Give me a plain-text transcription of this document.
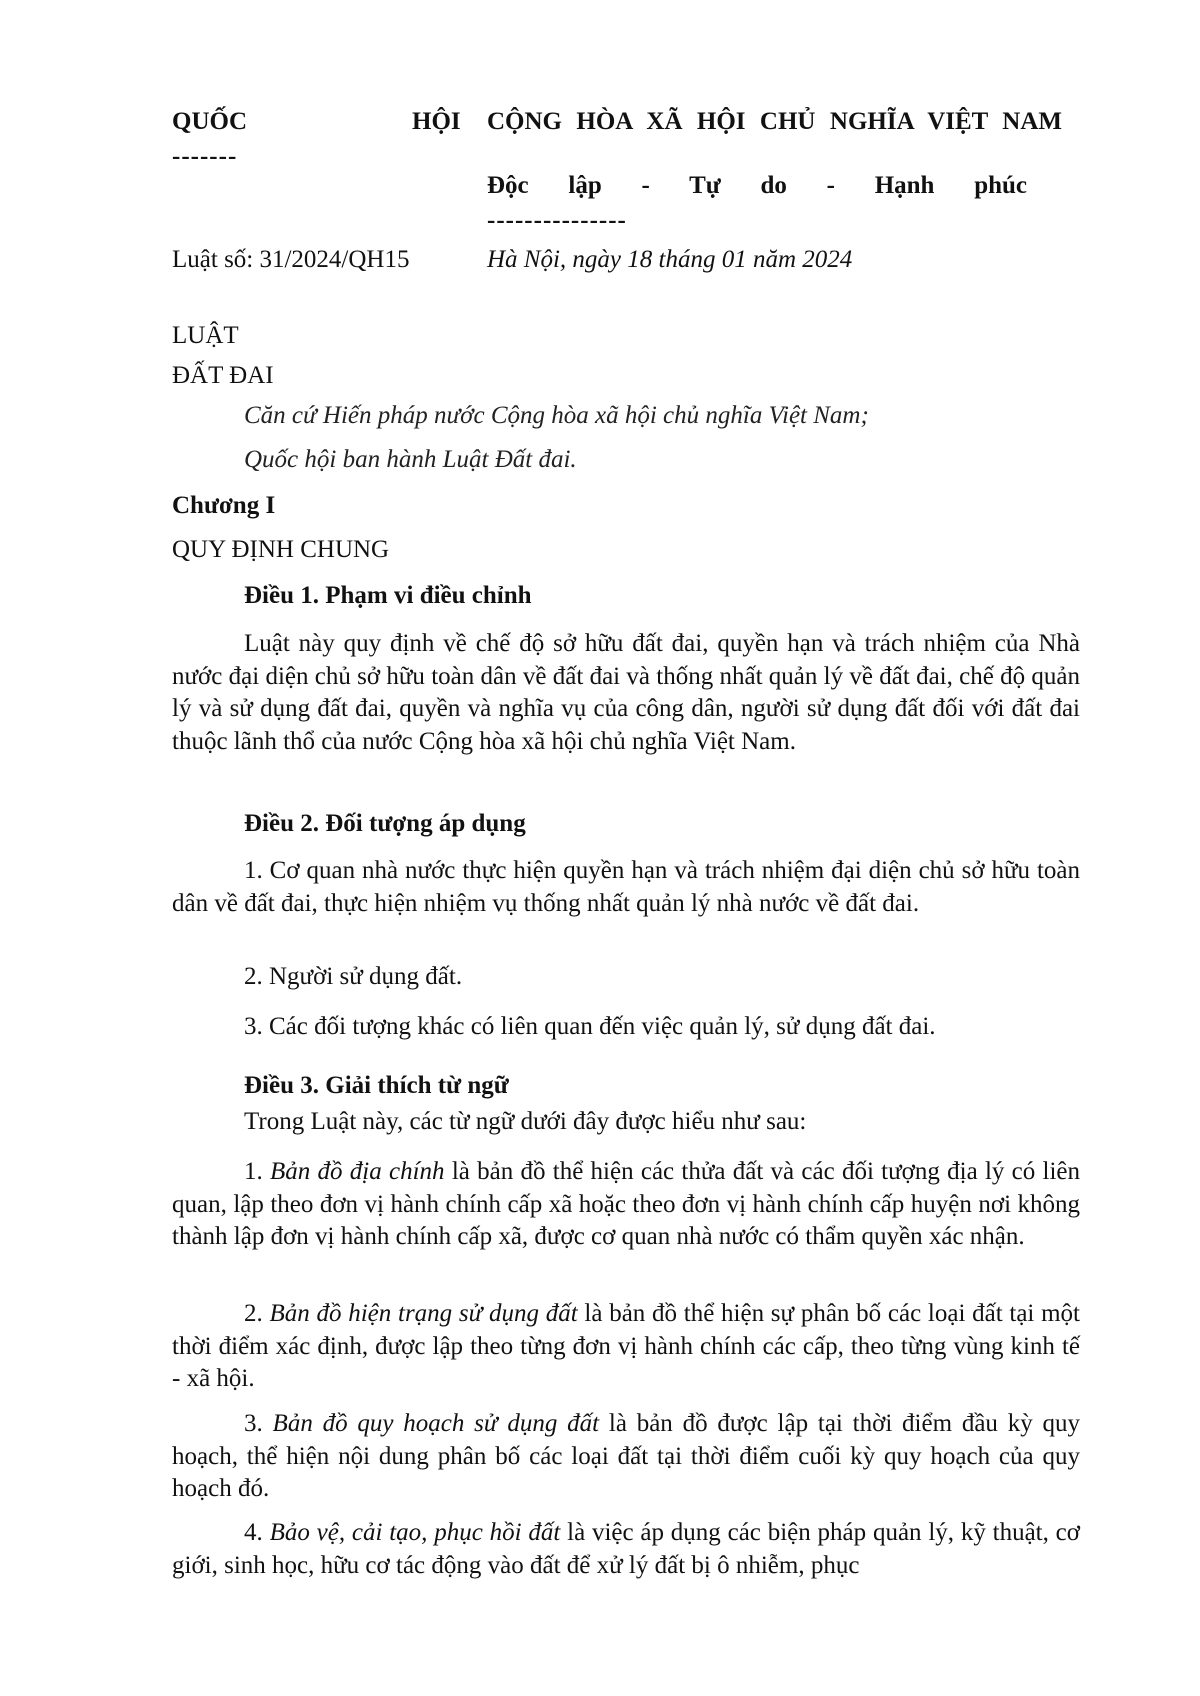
QUỐC	HỘI
-------
CỘNG HÒA XÃ HỘI CHỦ NGHĨA VIỆT NAM
Độc lập - Tự do - Hạnh phúc
---------------
Luật số: 31/2024/QH15	Hà Nội, ngày 18 tháng 01 năm 2024
LUẬT
ĐẤT ĐAI
Căn cứ Hiến pháp nước Cộng hòa xã hội chủ nghĩa Việt Nam;
Quốc hội ban hành Luật Đất đai.
Chương I
QUY ĐỊNH CHUNG
Điều 1. Phạm vi điều chỉnh
Luật này quy định về chế độ sở hữu đất đai, quyền hạn và trách nhiệm của Nhà nước đại diện chủ sở hữu toàn dân về đất đai và thống nhất quản lý về đất đai, chế độ quản lý và sử dụng đất đai, quyền và nghĩa vụ của công dân, người sử dụng đất đối với đất đai thuộc lãnh thổ của nước Cộng hòa xã hội chủ nghĩa Việt Nam.
Điều 2. Đối tượng áp dụng
1. Cơ quan nhà nước thực hiện quyền hạn và trách nhiệm đại diện chủ sở hữu toàn dân về đất đai, thực hiện nhiệm vụ thống nhất quản lý nhà nước về đất đai.
2. Người sử dụng đất.
3. Các đối tượng khác có liên quan đến việc quản lý, sử dụng đất đai.
Điều 3. Giải thích từ ngữ
Trong Luật này, các từ ngữ dưới đây được hiểu như sau:
1. Bản đồ địa chính là bản đồ thể hiện các thửa đất và các đối tượng địa lý có liên quan, lập theo đơn vị hành chính cấp xã hoặc theo đơn vị hành chính cấp huyện nơi không thành lập đơn vị hành chính cấp xã, được cơ quan nhà nước có thẩm quyền xác nhận.
2. Bản đồ hiện trạng sử dụng đất là bản đồ thể hiện sự phân bố các loại đất tại một thời điểm xác định, được lập theo từng đơn vị hành chính các cấp, theo từng vùng kinh tế - xã hội.
3. Bản đồ quy hoạch sử dụng đất là bản đồ được lập tại thời điểm đầu kỳ quy hoạch, thể hiện nội dung phân bố các loại đất tại thời điểm cuối kỳ quy hoạch của quy hoạch đó.
4. Bảo vệ, cải tạo, phục hồi đất là việc áp dụng các biện pháp quản lý, kỹ thuật, cơ giới, sinh học, hữu cơ tác động vào đất để xử lý đất bị ô nhiễm, phục
